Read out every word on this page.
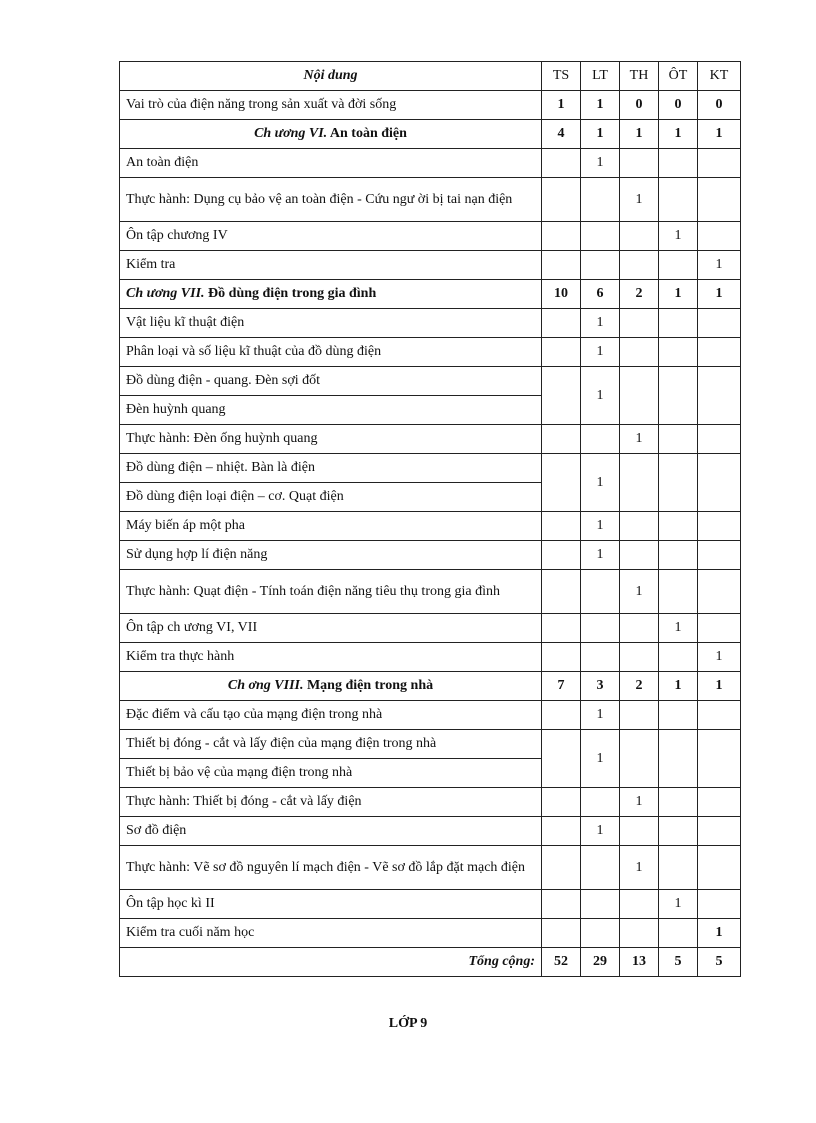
Nội dung	TS	LT	TH	ÔT	KT
Vai trò của điện năng trong sản xuất và đời sống	1	1	0	0	0
Ch ương VI. An toàn điện	4	1	1	1	1
An toàn điện		1			
Thực hành: Dụng cụ bảo vệ an toàn điện - Cứu ngư ời bị tai nạn điện			1		
Ôn tập chương IV				1	
Kiểm tra					1
Ch ương VII. Đồ dùng điện trong gia đình	10	6	2	1	1
Vật liệu kĩ thuật điện		1			
Phân loại và số liệu kĩ thuật của đồ dùng điện		1			
Đồ dùng điện - quang. Đèn sợi đốt		1			
Đèn huỳnh quang					
Thực hành: Đèn ống huỳnh quang			1		
Đồ dùng điện – nhiệt. Bàn là điện		1			
Đồ dùng điện loại điện – cơ. Quạt điện					
Máy biến áp một pha		1			
Sử dụng hợp lí điện năng		1			
Thực hành: Quạt điện - Tính toán điện năng tiêu thụ trong gia đình			1		
Ôn tập ch ương VI, VII				1	
Kiểm tra thực hành					1
Ch ơng VIII. Mạng điện trong nhà	7	3	2	1	1
Đặc điểm và cấu tạo của mạng điện trong nhà		1			
Thiết bị đóng - cắt và lấy điện của mạng điện trong nhà		1			
Thiết bị bảo vệ của mạng điện trong nhà					
Thực hành: Thiết bị đóng - cắt và lấy điện			1		
Sơ đồ điện		1			
Thực hành: Vẽ sơ đồ nguyên lí mạch điện - Vẽ sơ đồ lắp đặt mạch điện			1		
Ôn tập học kì II				1	
Kiểm tra cuối năm học					1
Tổng cộng:	52	29	13	5	5
LỚP 9
